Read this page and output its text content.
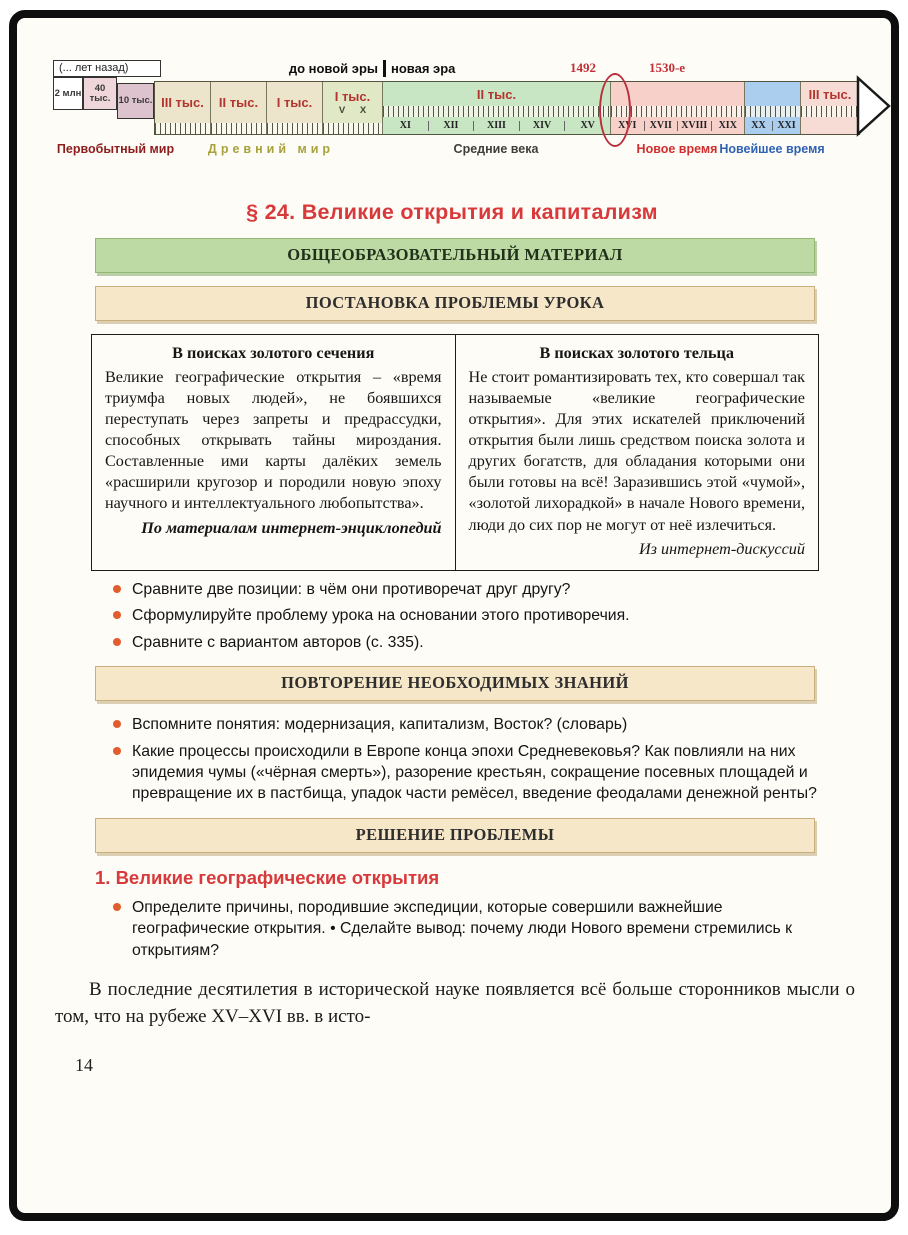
(... лет назад)
2 млн	40 тыс. 10 тыс. III тыс. II тыс. I тыс. I тыс.
V X
II тыс.
XI	XII	XIII	XIV	XV	XVI	XVII XVIII	XIX	XX	XXI
III тыс.
до новой эры новая эра	1492	1530-е
Первобытный мир	Древний мир	Средние века	Новое время Новейшее время
§ 24. Великие открытия и капитализм
ОБЩЕОБРАЗОВАТЕЛЬНЫЙ МАТЕРИАЛ
ПОСТАНОВКА ПРОБЛЕМЫ УРОКА
В поисках золотого сечения
Великие географические открытия – «время триумфа новых людей», не боявшихся переступать через запреты и предрассудки, способных открывать тайны мироздания. Составленные ими карты далёких земель «расширили кругозор и породили новую эпоху научного и интеллектуального любопытства».
По материалам интернет-энциклопедий

В поисках золотого тельца
Не стоит романтизировать тех, кто совершал так называемые «великие географические открытия». Для этих искателей приключений открытия были лишь средством поиска золота и других богатств, для обладания которыми они были готовы на всё! Заразившись этой «чумой», «золотой лихорадкой» в начале Нового времени, люди до сих пор не могут от неё излечиться.
Из интернет-дискуссий
Сравните две позиции: в чём они противоречат друг другу?
Сформулируйте проблему урока на основании этого противоречия.
Сравните с вариантом авторов (с. 335).
ПОВТОРЕНИЕ НЕОБХОДИМЫХ ЗНАНИЙ
Вспомните понятия: модернизация, капитализм, Восток? (словарь)
Какие процессы происходили в Европе конца эпохи Средневековья? Как повлияли на них эпидемия чумы («чёрная смерть»), разорение крестьян, сокращение посевных площадей и превращение их в пастбища, упадок части ремёсел, введение феодалами денежной ренты?
РЕШЕНИЕ ПРОБЛЕМЫ
1. Великие географические открытия
Определите причины, породившие экспедиции, которые совершили важнейшие географические открытия. • Сделайте вывод: почему люди Нового времени стремились к открытиям?

В последние десятилетия в исторической науке появляется всё больше сторонников мысли о том, что на рубеже XV–XVI вв. в исто-

14
